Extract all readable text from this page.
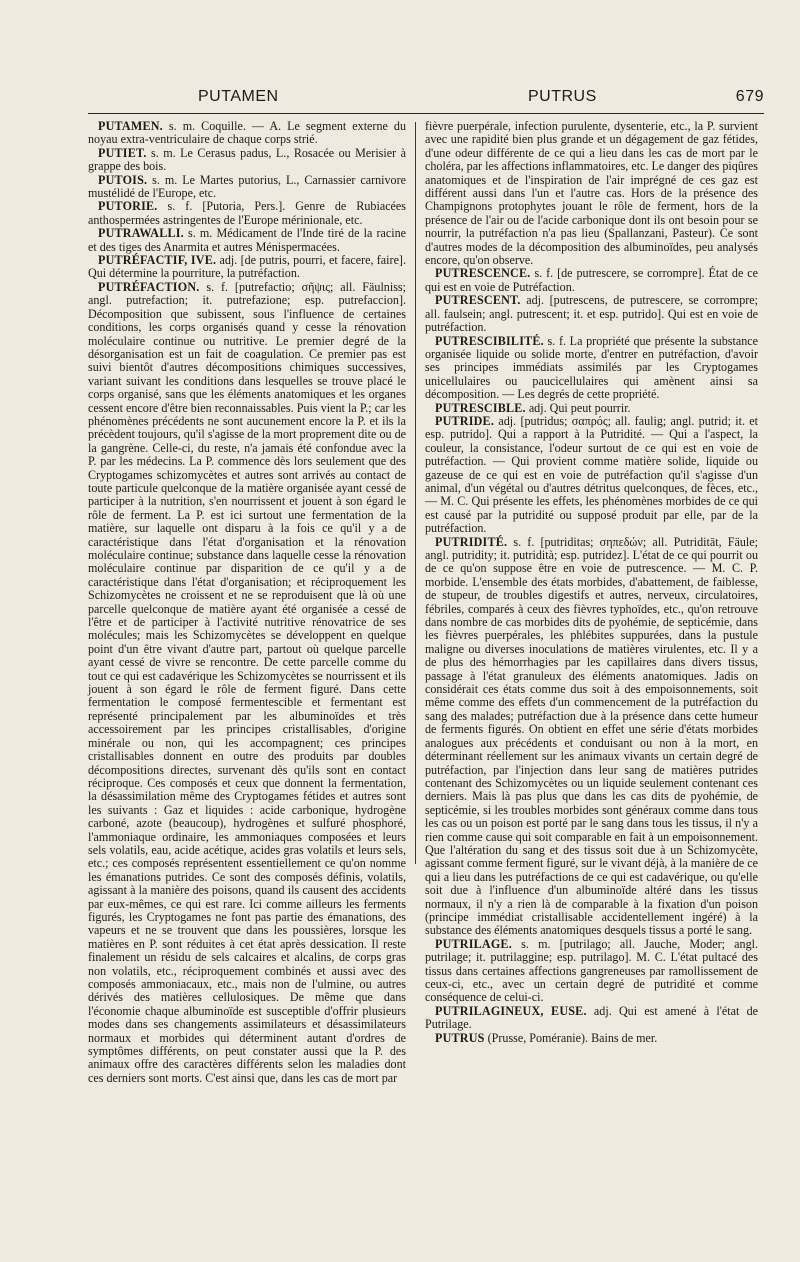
PUTAMEN	PUTRUS	679

PUTAMEN. s. m. Coquille. — A. Le segment externe du noyau extra-ventriculaire de chaque corps strié.

PUTIET. s. m. Le Cerasus padus, L., Rosacée ou Merisier à grappe des bois.

PUTOIS. s. m. Le Martes putorius, L., Carnassier carnivore mustélidé de l'Europe, etc.

PUTORIE. s. f. [Putoria, Pers.]. Genre de Rubiacées anthospermées astringentes de l'Europe mérinionale, etc.

PUTRAWALLI. s. m. Médicament de l'Inde tiré de la racine et des tiges des Anarmita et autres Ménispermacées.

PUTRÉFACTIF, IVE. adj. [de putris, pourri, et facere, faire]. Qui détermine la pourriture, la putréfaction.

PUTRÉFACTION. s. f. [putrefactio; σῆψις; all. Fäulniss; angl. putrefaction; it. putrefazione; esp. putrefaccion]. Décomposition que subissent, sous l'influence de certaines conditions, les corps organisés quand y cesse la rénovation moléculaire continue ou nutritive. Le premier degré de la désorganisation est un fait de coagulation. Ce premier pas est suivi bientôt d'autres décompositions chimiques successives, variant suivant les conditions dans lesquelles se trouve placé le corps organisé, sans que les éléments anatomiques et les organes cessent encore d'être bien reconnaissables. Puis vient la P.; car les phénomènes précédents ne sont aucunement encore la P. et ils la précèdent toujours, qu'il s'agisse de la mort proprement dite ou de la gangrène. Celle-ci, du reste, n'a jamais été confondue avec la P. par les médecins. La P. commence dès lors seulement que des Cryptogames schizomycètes et autres sont arrivés au contact de toute particule quelconque de la matière organisée ayant cessé de participer à la nutrition, s'en nourrissent et jouent à son égard le rôle de ferment. La P. est ici surtout une fermentation de la matière, sur laquelle ont disparu à la fois ce qu'il y a de caractéristique dans l'état d'organisation et la rénovation moléculaire continue; substance dans laquelle cesse la rénovation moléculaire continue par disparition de ce qu'il y a de caractéristique dans l'état d'organisation; et réciproquement les Schizomycètes ne croissent et ne se reproduisent que là où une parcelle quelconque de matière ayant été organisée a cessé de l'être et de participer à l'activité nutritive rénovatrice de ses molécules; mais les Schizomycètes se développent en quelque point d'un être vivant d'autre part, partout où quelque parcelle ayant cessé de vivre se rencontre. De cette parcelle comme du tout ce qui est cadavérique les Schizomycètes se nourrissent et ils jouent à son égard le rôle de ferment figuré. Dans cette fermentation le composé fermentescible et fermentant est représenté principalement par les albuminoïdes et très accessoirement par les principes cristallisables, d'origine minérale ou non, qui les accompagnent; ces principes cristallisables donnent en outre des produits par doubles décompositions directes, survenant dès qu'ils sont en contact réciproque. Ces composés et ceux que donnent la fermentation, la désassimilation même des Cryptogames fétides et autres sont les suivants : Gaz et liquides : acide carbonique, hydrogène carboné, azote (beaucoup), hydrogènes et sulfuré phosphoré, l'ammoniaque ordinaire, les ammoniaques composées et leurs sels volatils, eau, acide acétique, acides gras volatils et leurs sels, etc.; ces composés représentent essentiellement ce qu'on nomme les émanations putrides. Ce sont des composés définis, volatils, agissant à la manière des poisons, quand ils causent des accidents par eux-mêmes, ce qui est rare. Ici comme ailleurs les ferments figurés, les Cryptogames ne font pas partie des émanations, des vapeurs et ne se trouvent que dans les poussières, lorsque les matières en P. sont réduites à cet état après dessication. Il reste finalement un résidu de sels calcaires et alcalins, de corps gras non volatils, etc., réciproquement combinés et aussi avec des composés ammoniacaux, etc., mais non de l'ulmine, ou autres dérivés des matières cellulosiques. De même que dans l'économie chaque albuminoïde est susceptible d'offrir plusieurs modes dans ses changements assimilateurs et désassimilateurs normaux et morbides qui déterminent autant d'ordres de symptômes différents, on peut constater aussi que la P. des animaux offre des caractères différents selon les maladies dont ces derniers sont morts. C'est ainsi que, dans les cas de mort par

fièvre puerpérale, infection purulente, dysenterie, etc., la P. survient avec une rapidité bien plus grande et un dégagement de gaz fétides, d'une odeur différente de ce qui a lieu dans les cas de mort par le choléra, par les affections inflammatoires, etc. Le danger des piqûres anatomiques et de l'inspiration de l'air imprégné de ces gaz est différent aussi dans l'un et l'autre cas. Hors de la présence des Champignons protophytes jouant le rôle de ferment, hors de la présence de l'air ou de l'acide carbonique dont ils ont besoin pour se nourrir, la putréfaction n'a pas lieu (Spallanzani, Pasteur). Ce sont d'autres modes de la décomposition des albuminoïdes, peu analysés encore, qu'on observe.

PUTRESCENCE. s. f. [de putrescere, se corrompre]. État de ce qui est en voie de Putréfaction.

PUTRESCENT. adj. [putrescens, de putrescere, se corrompre; all. faulsein; angl. putrescent; it. et esp. putrido]. Qui est en voie de putréfaction.

PUTRESCIBILITÉ. s. f. La propriété que présente la substance organisée liquide ou solide morte, d'entrer en putréfaction, d'avoir ses principes immédiats assimilés par les Cryptogames unicellulaires ou paucicellulaires qui amènent ainsi sa décomposition. — Les degrés de cette propriété.

PUTRESCIBLE. adj. Qui peut pourrir.

PUTRIDE. adj. [putridus; σαπρός; all. faulig; angl. putrid; it. et esp. putrido]. Qui a rapport à la Putridité. — Qui a l'aspect, la couleur, la consistance, l'odeur surtout de ce qui est en voie de putréfaction. — Qui provient comme matière solide, liquide ou gazeuse de ce qui est en voie de putréfaction qu'il s'agisse d'un animal, d'un végétal ou d'autres détritus quelconques, de fèces, etc., — M. C. Qui présente les effets, les phénomènes morbides de ce qui est causé par la putridité ou supposé produit par elle, par de la putréfaction.

PUTRIDITÉ. s. f. [putriditas; σηπεδών; all. Putriditāt, Fäule; angl. putridity; it. putridità; esp. putridez]. L'état de ce qui pourrit ou de ce qu'on suppose être en voie de putrescence. — M. C. P. morbide. L'ensemble des états morbides, d'abattement, de faiblesse, de stupeur, de troubles digestifs et autres, nerveux, circulatoires, fébriles, comparés à ceux des fièvres typhoïdes, etc., qu'on retrouve dans nombre de cas morbides dits de pyohémie, de septicémie, dans les fièvres puerpérales, les phlébites suppurées, dans la pustule maligne ou diverses inoculations de matières virulentes, etc. Il y a de plus des hémorrhagies par les capillaires dans divers tissus, passage à l'état granuleux des éléments anatomiques. Jadis on considérait ces états comme dus soit à des empoisonnements, soit même comme des effets d'un commencement de la putréfaction du sang des malades; putréfaction due à la présence dans cette humeur de ferments figurés. On obtient en effet une série d'états morbides analogues aux précédents et conduisant ou non à la mort, en déterminant réellement sur les animaux vivants un certain degré de putréfaction, par l'injection dans leur sang de matières putrides contenant des Schizomycètes ou un liquide seulement contenant ces derniers. Mais là pas plus que dans les cas dits de pyohémie, de septicémie, si les troubles morbides sont généraux comme dans tous les cas ou un poison est porté par le sang dans tous les tissus, il n'y a rien comme cause qui soit comparable en fait à un empoisonnement. Que l'altération du sang et des tissus soit due à un Schizomycète, agissant comme ferment figuré, sur le vivant déjà, à la manière de ce qui a lieu dans les putréfactions de ce qui est cadavérique, ou qu'elle soit due à l'influence d'un albuminoïde altéré dans les tissus normaux, il n'y a rien là de comparable à la fixation d'un poison (principe immédiat cristallisable accidentellement ingéré) à la substance des éléments anatomiques desquels tissus a porté le sang.

PUTRILAGE. s. m. [putrilago; all. Jauche, Moder; angl. putrilage; it. putrilaggine; esp. putrilago]. M. C. L'état pultacé des tissus dans certaines affections gangreneuses par ramollissement de ceux-ci, etc., avec un certain degré de putridité et comme conséquence de celui-ci.

PUTRILAGINEUX, EUSE. adj. Qui est amené à l'état de Putrilage.

PUTRUS (Prusse, Poméranie). Bains de mer.
